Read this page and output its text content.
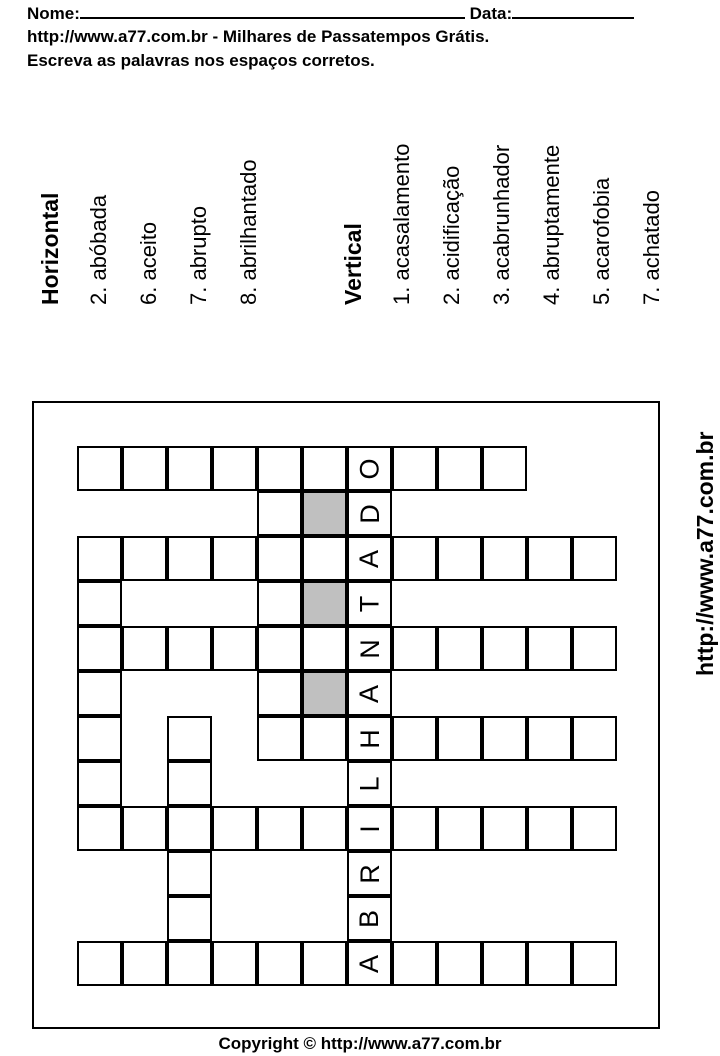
Nome:	Data:
http://www.a77.com.br - Milhares de Passatempos Grátis.
Escreva as palavras nos espaços corretos.
Horizontal 2. abóbada 6. aceito 7. abrupto 8. abrilhantado	Vertical 1. acasalamento 2. acidificação 3. acabrunhador 4. abruptamente 5. acarofobia 7. achatado
O
D
A
T
N
A
H
L
I
R
B
A
http://www.a77.com.br
Copyright © http://www.a77.com.br
